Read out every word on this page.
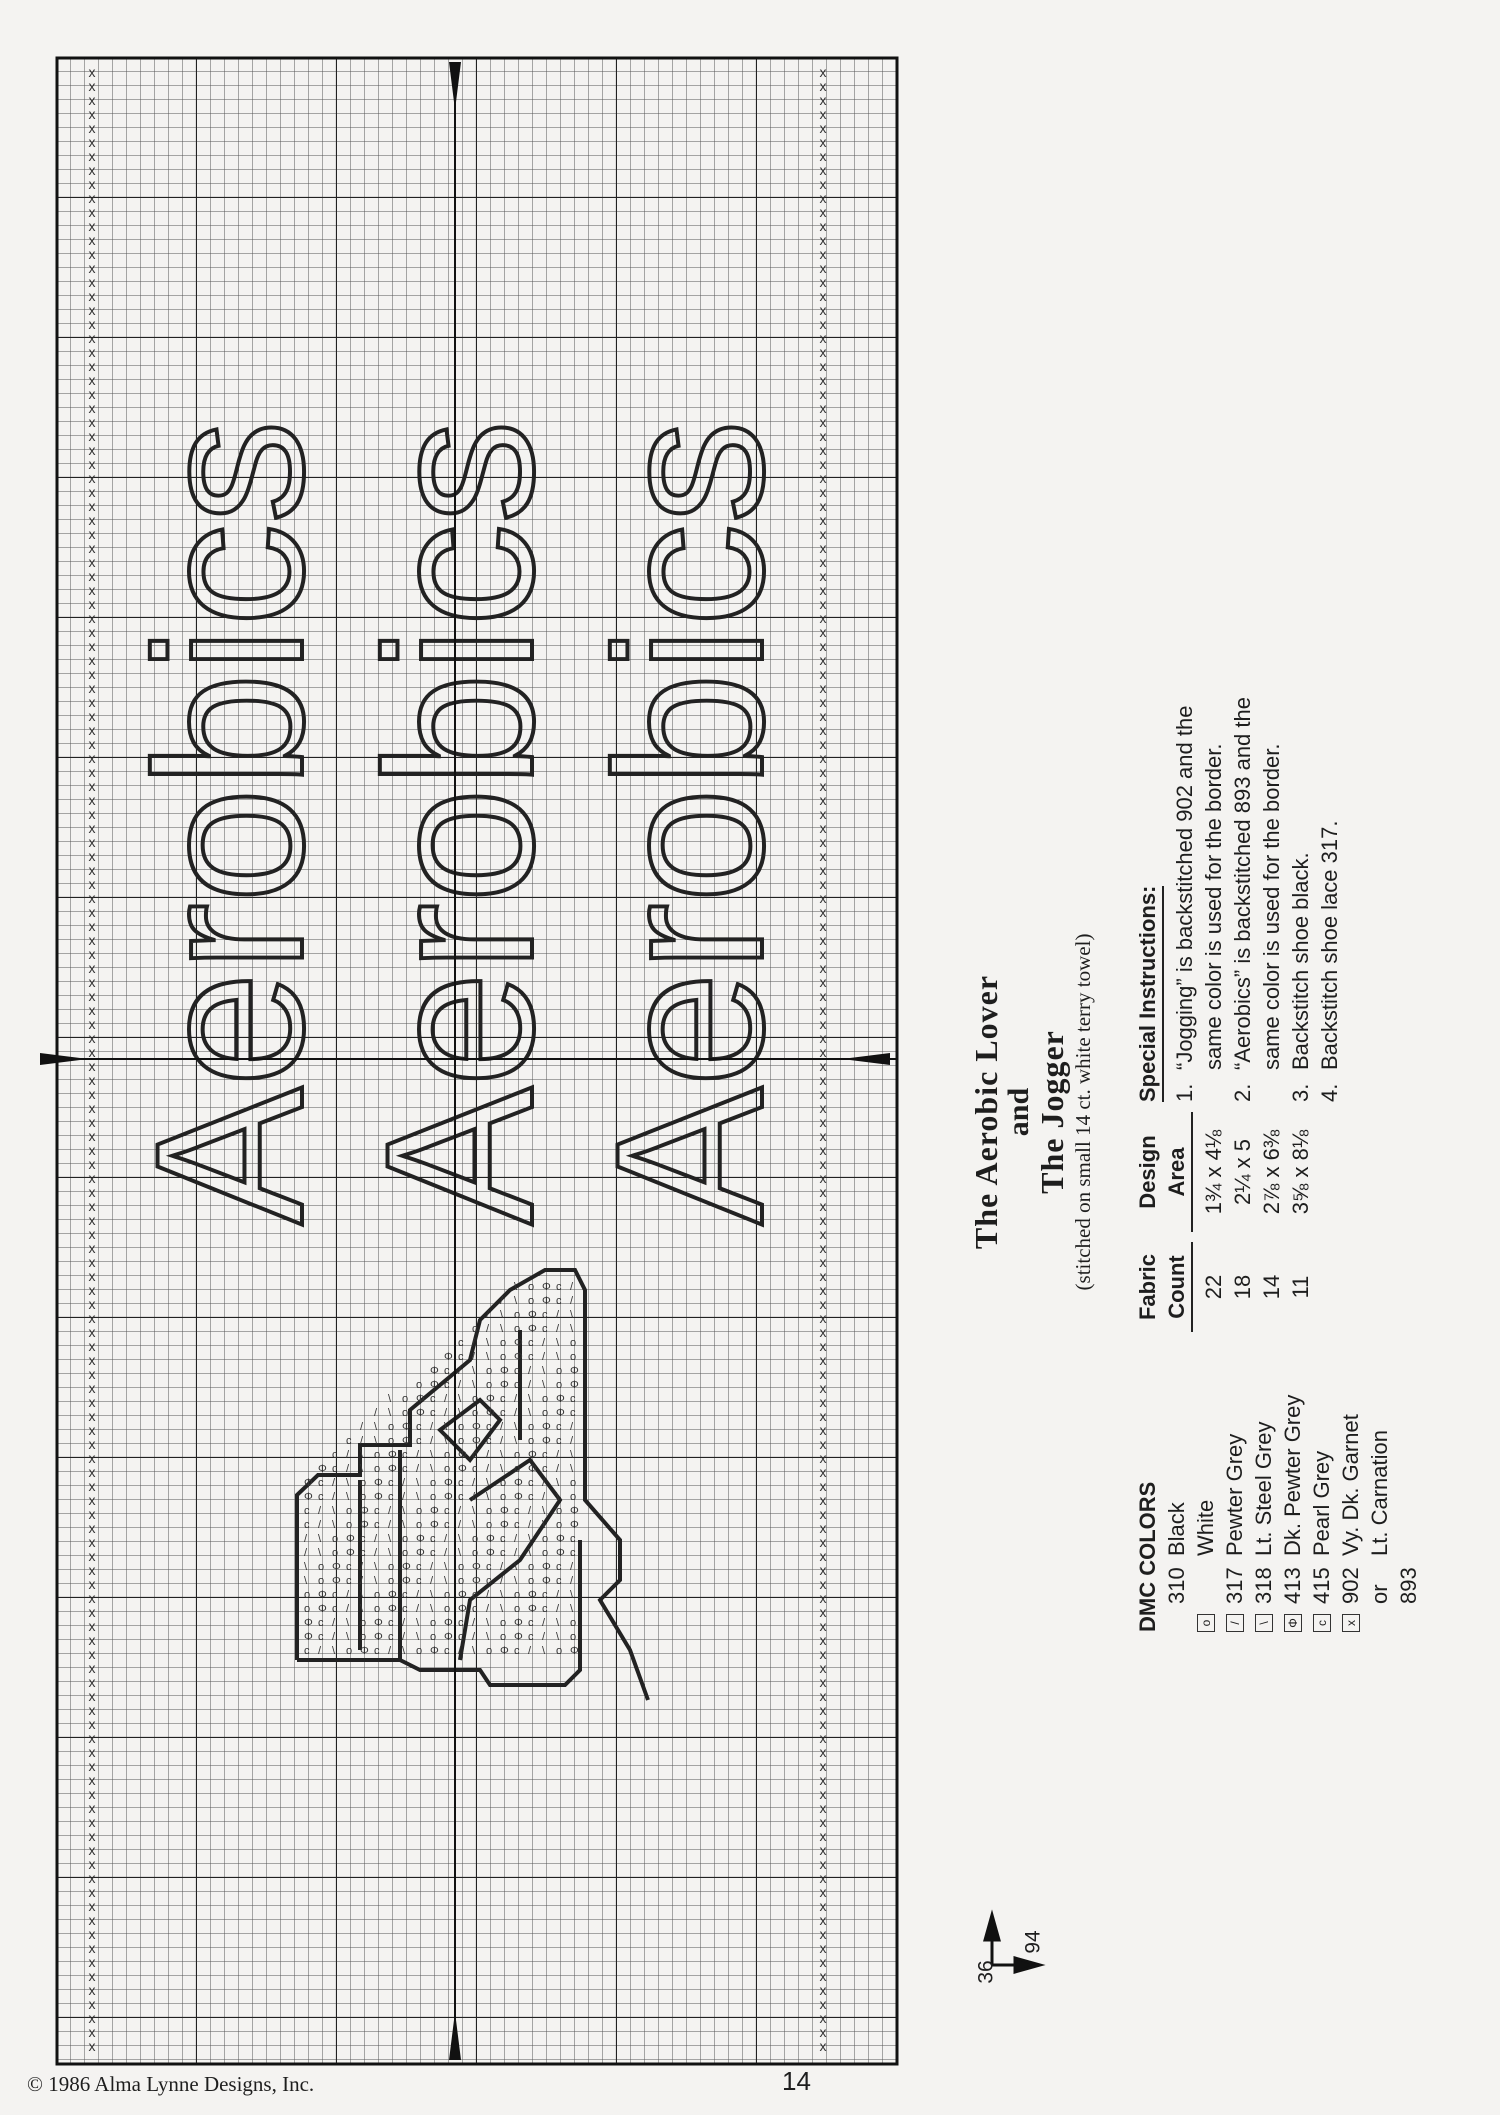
x
x
x
x
x
x
x
x
x
x
x
x
x
x
x
x
x
x
x
x
x
x
x
x
x
x
x
x
x
x
x
x
x
x
x
x
x
x
x
x
x
x
x
x
x
x
x
x
x
x
x
x
x
x
x
x
x
x
x
x
x
x
x
x
x
x
x
x
x
x
x
x
x
x
x
x
x
x
x
x
x
x
x
x
x
x
x
x
x
x
x
x
x
x
x
x
x
x
x
x
x
x
x
x
x
x
x
x
x
x
x
x
x
x
x
x
x
x
x
x
x
x
x
x
x
x
x
x
x
x
x
x
x
x
x
x
x
x
x
x
x
x
x
x
x
x
x
x
x
x
x
x
x
x
x
x
x
x
x
x
x
x
x
x
x
x
x
x
x
x
x
x
x
x
x
x
x
x
x
x
x
x
x
x
x
x
x
x
x
x
x
x
x
x
x
x
x
x
x
x
x
x
x
x
x
x
x
x
x
x
x
x
x
x
x
x
x
x
x
x
x
x
x
x
x
x
x
x
x
x
x
x
x
x
x
x
x
x
x
x
x
x
x
x
x
x
x
x
x
x
x
x
x
x
x
x
x
x
x
x
x
x
x
x
x
x
x
x
x
x
x
x
x
x
x
x
x
x
x
x
x
x
x
x
Aerobics
Aerobics
Aerobics
Φ
Φ
c
c
/
/
\
\
o
o
Φ
Φ
c
Φ
c
c
/
/
\
\
o
o
Φ
Φ
c
c
/
c
c
/
/
\
\
o
o
Φ
Φ
c
c
/
/
\
c
/
/
\
\
o
o
Φ
Φ
c
c
/
/
\
\
o
/
/
\
\
o
o
Φ
Φ
c
c
/
/
\
\
o
o
Φ
/
\
\
o
o
Φ
Φ
c
c
/
/
\
\
o
o
Φ
Φ
c
\
\
o
o
Φ
Φ
c
c
/
/
\
\
o
o
Φ
Φ
c
c
/
o
o
Φ
Φ
c
c
/
/
\
\
o
o
Φ
Φ
c
c
/
/
\
o
Φ
Φ
c
c
/
/
\
\
o
o
Φ
Φ
c
c
/
/
\
\
o
Φ
Φ
c
c
/
/
\
\
o
o
Φ
Φ
c
c
/
/
\
\
o
o
Φ
Φ
c
c
/
/
\
\
o
o
Φ
Φ
c
c
/
/
\
\
o
o
Φ
Φ
c
c
c
/
/
\
\
o
o
Φ
Φ
c
c
/
/
\
\
o
o
Φ
Φ
c
c
/
c
/
/
\
\
o
o
Φ
Φ
c
c
/
/
\
\
o
o
Φ
Φ
c
c
/
/
\
/
/
\
\
o
o
Φ
Φ
c
c
/
/
\
\
o
o
Φ
Φ
c
c
/
/
\
\
o
/
\
\
o
o
Φ
Φ
c
c
/
/
\
\
o
o
Φ
Φ
c
c
/
/
\
\
o
o
Φ
\
\
o
o
Φ
Φ
c
c
/
/
\
\
o
o
Φ
Φ
c
c
/
/
\
\
o
o
Φ
Φ
c
o
o
Φ
Φ
c
c
/
/
\
\
o
o
Φ
Φ
c
c
/
/
\
\
o
o
Φ
Φ
c
c
/
Φ
Φ
c
c
/
/
\
\
o
o
Φ
Φ
c
c
/
/
\
\
o
o
Φ
Φ
c
c
/
/
\
c
c
/
/
\
\
o
o
Φ
Φ
c
c
/
/
\
\
o
o
Φ
Φ
c
c
/
/
\
\
o
/
/
\
\
o
o
Φ
Φ
c
c
/
/
\
\
o
o
Φ
Φ
c
c
/
/
\
\
o
o
Φ
The Aerobic Lover
and The Jogger (stitched on small 14 ct. white terry towel)
DMC COLORS 310
Black
o
White
/
317
Pewter Grey
\
318
Lt. Steel Grey
Φ
413
Dk. Pewter Grey
c
415
Pearl Grey
x
902
Vy. Dk. Garnet
or 893
Lt. Carnation
Fabric Count 22 18 14 11
Design Area 1¾ x 4⅛ 2¼ x 5 2⅞ x 6⅜ 3⅝ x 8⅛
Special Instructions: 1.
“Jogging” is backstitched 902 and the same color is used for the border.
2.
“Aerobics” is backstitched 893 and the same color is used for the border.
3.
Backstitch shoe black.
4.
Backstitch shoe lace 317.
36
94
© 1986 Alma Lynne Designs, Inc.	14
